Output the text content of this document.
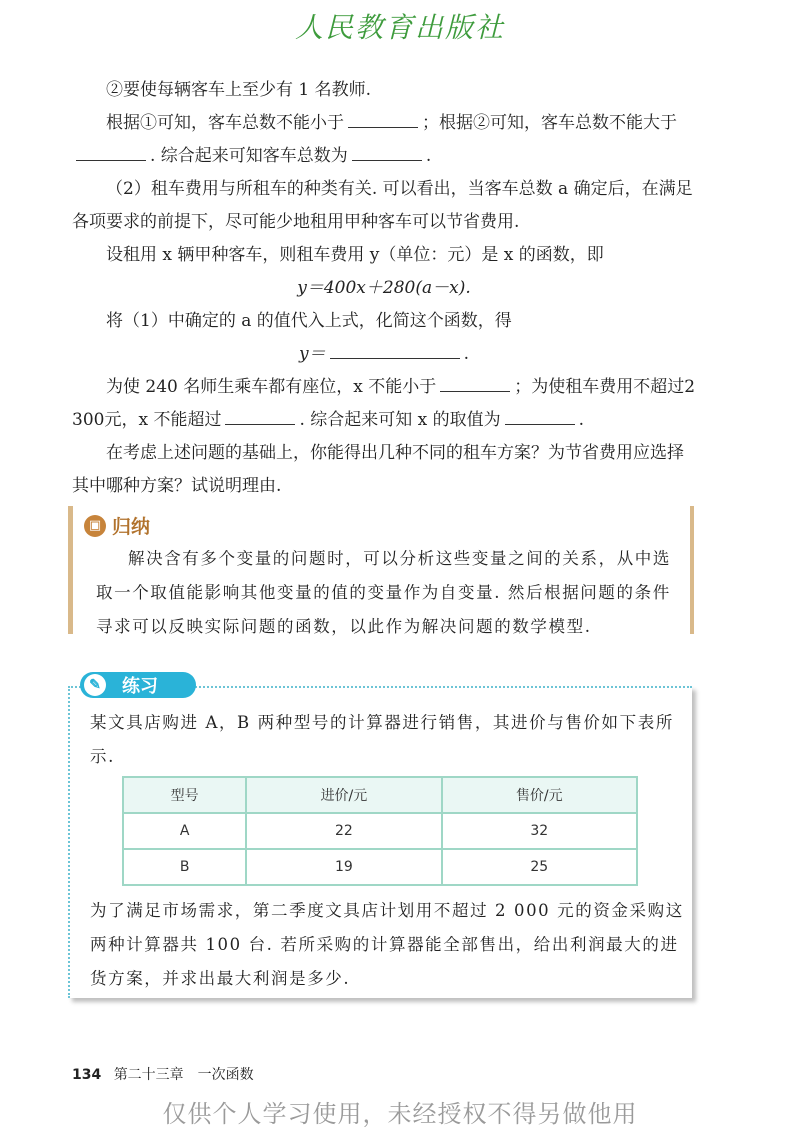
人民教育出版社

②要使每辆客车上至少有 1 名教师.

根据①可知，客车总数不能小于	；根据②可知，客车总数不能大于. 综合起来可知客车总数为	.

（2）租车费用与所租车的种类有关. 可以看出，当客车总数 a 确定后，在满足各项要求的前提下，尽可能少地租用甲种客车可以节省费用.

设租用 x 辆甲种客车，则租车费用 y（单位：元）是 x 的函数，即

y＝400x＋280(a－x).

将（1）中确定的 a 的值代入上式，化简这个函数，得

y＝	.

为使 240 名师生乘车都有座位，x 不能小于	；为使租车费用不超过2 300元，x 不能超过	. 综合起来可知 x 的取值为	.

在考虑上述问题的基础上，你能得出几种不同的租车方案？为节省费用应选择其中哪种方案？试说明理由.

▣ 归纳
解决含有多个变量的问题时，可以分析这些变量之间的关系，从中选取一个取值能影响其他变量的值的变量作为自变量. 然后根据问题的条件寻求可以反映实际问题的函数，以此作为解决问题的数学模型.
✎ 练习

某文具店购进 A，B 两种型号的计算器进行销售，其进价与售价如下表所示.

型号	进价/元	售价/元
A	22	32
B	19	25

为了满足市场需求，第二季度文具店计划用不超过 2 000 元的资金采购这两种计算器共 100 台. 若所采购的计算器能全部售出，给出利润最大的进货方案，并求出最大利润是多少.

134 第二十三章　一次函数
仅供个人学习使用，未经授权不得另做他用
